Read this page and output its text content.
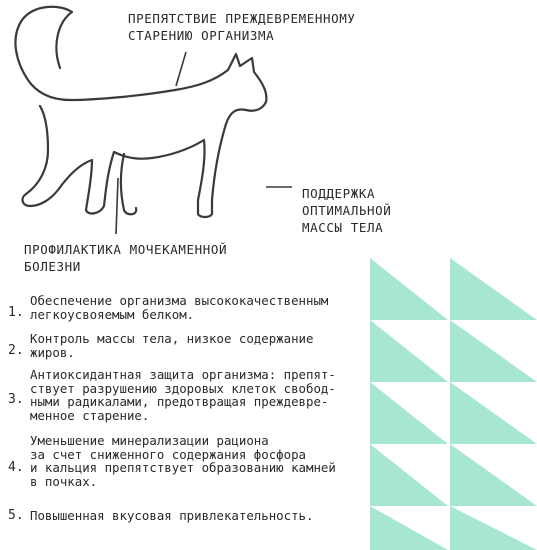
ПРЕПЯТСТВИЕ ПРЕЖДЕВРЕМЕННОМУ
СТАРЕНИЮ ОРГАНИЗМА
ПОДДЕРЖКА
ОПТИМАЛЬНОЙ
МАССЫ ТЕЛА
ПРОФИЛАКТИКА МОЧЕКАМЕННОЙ
БОЛЕЗНИ
1.
Обеспечение организма высококачественным
легкоусвояемым белком.
2.
Контроль массы тела, низкое содержание
жиров.
3.
Антиоксидантная защита организма: препят-
ствует разрушению здоровых клеток свобод-
ными радикалами, предотвращая преждевре-
менное старение.
4.
Уменьшение минерализации рациона
за счет сниженного содержания фосфора
и кальция препятствует образованию камней
в почках.
5. Повышенная вкусовая привлекательность.
